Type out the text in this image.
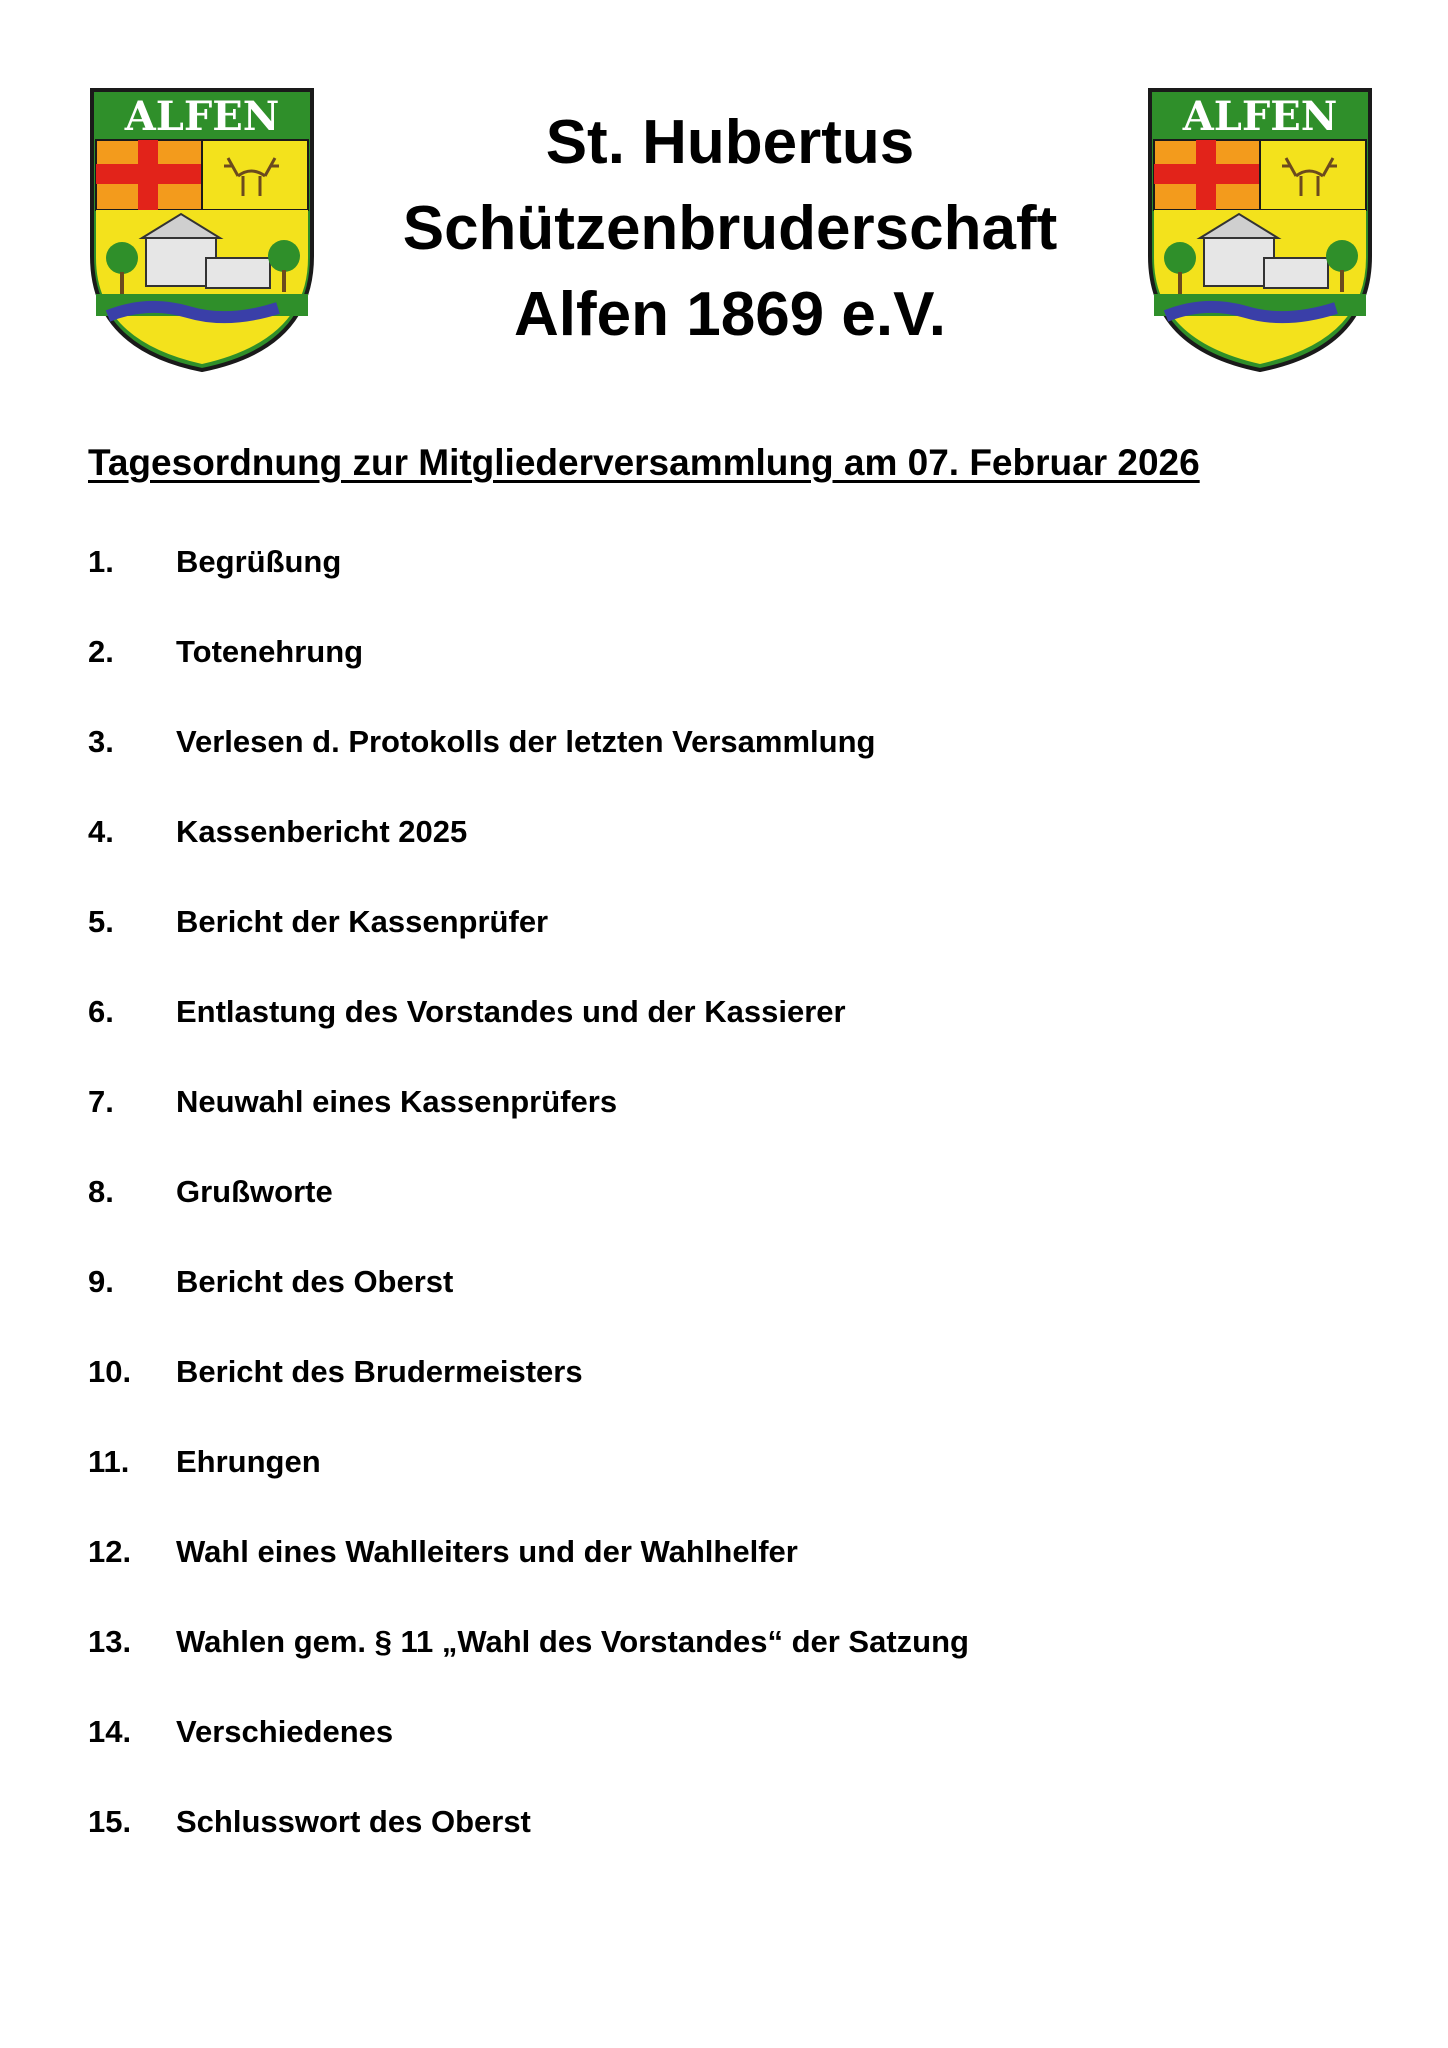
ALFEN	ALFEN
St. Hubertus
Schützenbruderschaft
Alfen 1869 e.V.
Tagesordnung zur Mitgliederversammlung am 07. Februar 2026
1.	Begrüßung
2.	Totenehrung
3.	Verlesen d. Protokolls der letzten Versammlung
4.	Kassenbericht 2025
5.	Bericht der Kassenprüfer
6.	Entlastung des Vorstandes und der Kassierer
7.	Neuwahl eines Kassenprüfers
8.	Grußworte
9.	Bericht des Oberst
10.	Bericht des Brudermeisters
11.	Ehrungen
12.	Wahl eines Wahlleiters und der Wahlhelfer
13.	Wahlen gem. § 11 „Wahl des Vorstandes“ der Satzung
14.	Verschiedenes
15.	Schlusswort des Oberst
